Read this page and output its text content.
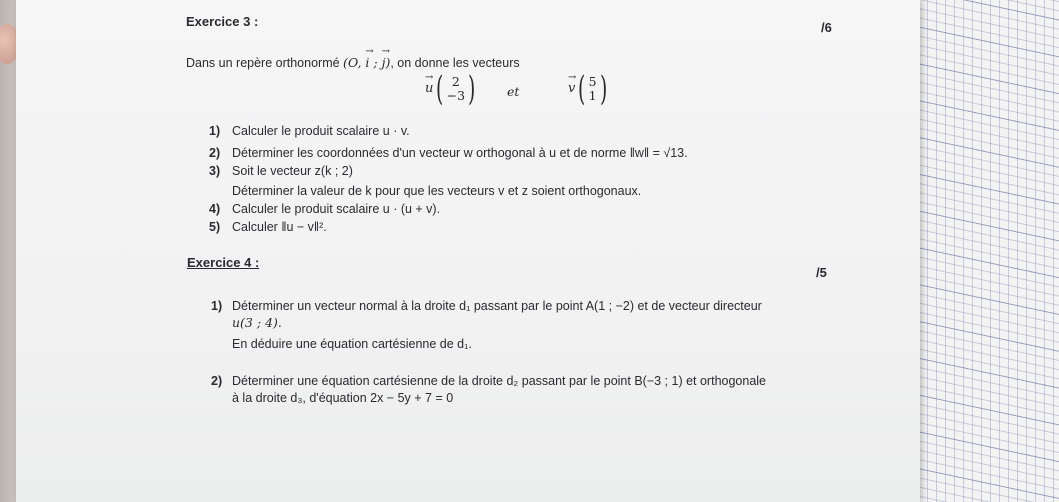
Exercice 3 :	/6
Dans un repère orthonormé (O,
→
i ;
→
j), on donne les vecteurs
→
u ( 2
−3 )	et
→
v ( 5
1 )
1) Calculer le produit scalaire u · v.
2) Déterminer les coordonnées d'un vecteur w orthogonal à u et de norme ‖w‖ = √13.
3) Soit le vecteur z(k ; 2)
Déterminer la valeur de k pour que les vecteurs v et z soient orthogonaux.
4) Calculer le produit scalaire u · (u + v).
5) Calculer ‖u − v‖².
Exercice 4 :
/5
1) Déterminer un vecteur normal à la droite d₁ passant par le point A(1 ; −2) et de vecteur directeur
u(3 ; 4).
En déduire une équation cartésienne de d₁.
2) Déterminer une équation cartésienne de la droite d₂ passant par le point B(−3 ; 1) et orthogonale
à la droite d₃, d'équation 2x − 5y + 7 = 0
